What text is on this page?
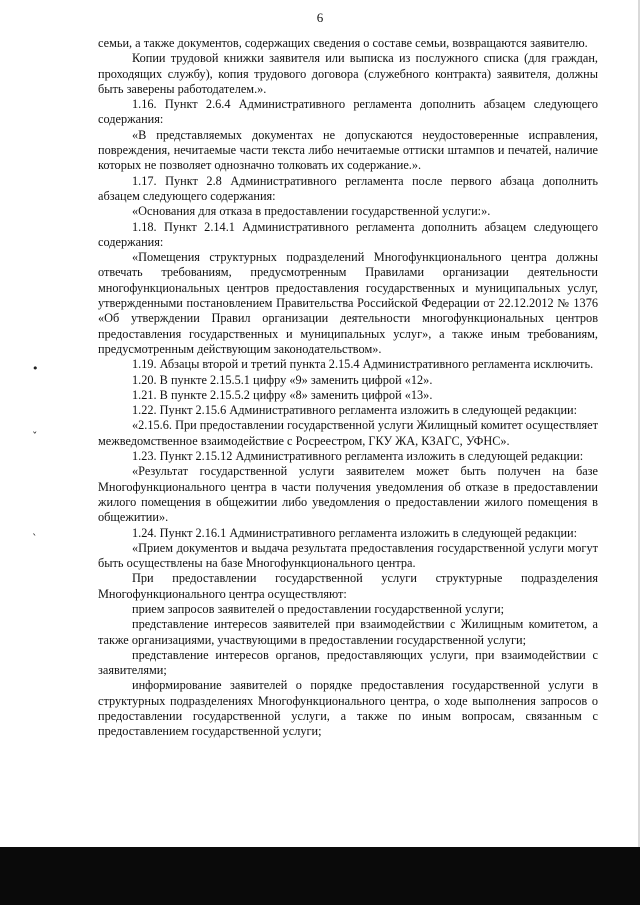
6

семьи, а также документов, содержащих сведения о составе семьи, возвращаются заявителю.

Копии трудовой книжки заявителя или выписка из послужного списка (для граждан, проходящих службу), копия трудового договора (служебного контракта) заявителя, должны быть заверены работодателем.».

1.16. Пункт 2.6.4 Административного регламента дополнить абзацем следующего содержания:

«В представляемых документах не допускаются неудостоверенные исправления, повреждения, нечитаемые части текста либо нечитаемые оттиски штампов и печатей, наличие которых не позволяет однозначно толковать их содержание.».

1.17. Пункт 2.8 Административного регламента после первого абзаца дополнить абзацем следующего содержания:

«Основания для отказа в предоставлении государственной услуги:».

1.18. Пункт 2.14.1 Административного регламента дополнить абзацем следующего содержания:

«Помещения структурных подразделений Многофункционального центра должны отвечать требованиям, предусмотренным Правилами организации деятельности многофункциональных центров предоставления государственных и муниципальных услуг, утвержденными постановлением Правительства Российской Федерации от 22.12.2012 № 1376 «Об утверждении Правил организации деятельности многофункциональных центров предоставления государственных и муниципальных услуг», а также иным требованиям, предусмотренным действующим законодательством».

1.19. Абзацы второй и третий пункта 2.15.4 Административного регламента исключить.

1.20. В пункте 2.15.5.1 цифру «9» заменить цифрой «12».

1.21. В пункте 2.15.5.2 цифру «8» заменить цифрой «13».

1.22. Пункт 2.15.6 Административного регламента изложить в следующей редакции:

«2.15.6. При предоставлении государственной услуги Жилищный комитет осуществляет межведомственное взаимодействие с Росреестром, ГКУ ЖА, КЗАГС, УФНС».

1.23. Пункт 2.15.12 Административного регламента изложить в следующей редакции:

«Результат государственной услуги заявителем может быть получен на базе Многофункционального центра в части получения уведомления об отказе в предоставлении жилого помещения в общежитии либо уведомления о предоставлении жилого помещения в общежитии».

1.24. Пункт 2.16.1 Административного регламента изложить в следующей редакции:

«Прием документов и выдача результата предоставления государственной услуги могут быть осуществлены на базе Многофункционального центра.

При предоставлении государственной услуги структурные подразделения Многофункционального центра осуществляют:

прием запросов заявителей о предоставлении государственной услуги;

представление интересов заявителей при взаимодействии с Жилищным комитетом, а также организациями, участвующими в предоставлении государственной услуги;

представление интересов органов, предоставляющих услуги, при взаимодействии с заявителями;

информирование заявителей о порядке предоставления государственной услуги в структурных подразделениях Многофункционального центра, о ходе выполнения запросов о предоставлении государственной услуги, а также по иным вопросам, связанным с предоставлением государственной услуги;

•
ˇ
ˋ
